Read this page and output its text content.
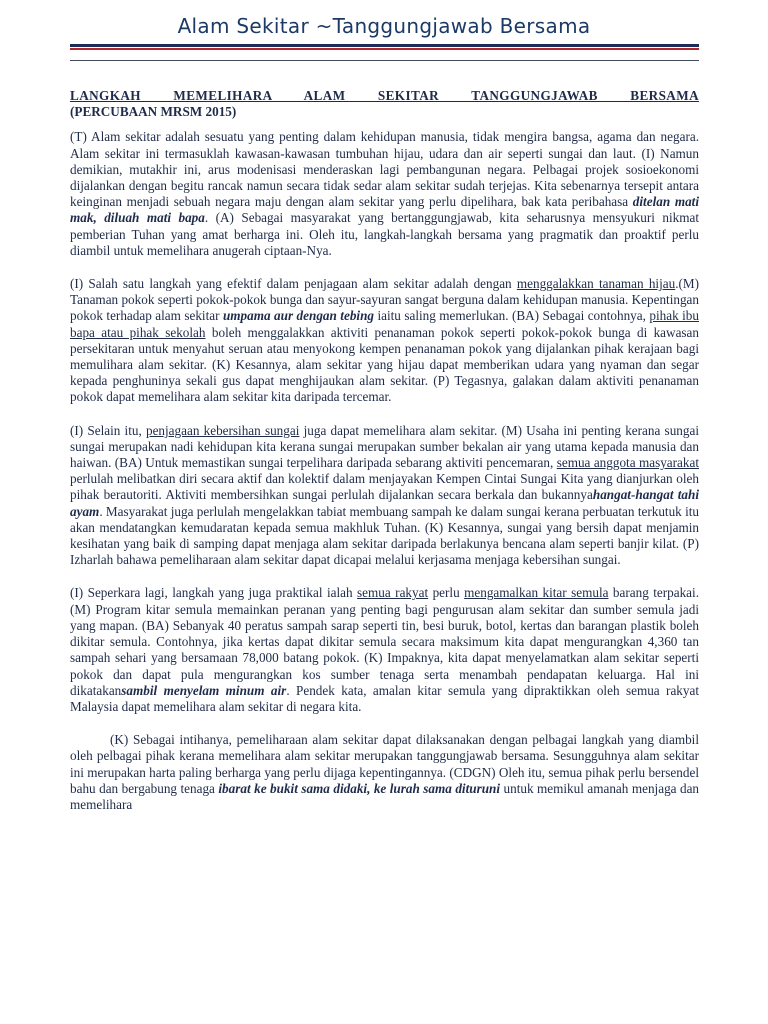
Alam Sekitar ~Tanggungjawab Bersama
LANGKAH MEMELIHARA ALAM SEKITAR TANGGUNGJAWAB BERSAMA
(PERCUBAAN MRSM 2015)

(T) Alam sekitar adalah sesuatu yang penting dalam kehidupan manusia, tidak mengira bangsa, agama dan negara. Alam sekitar ini termasuklah kawasan-kawasan tumbuhan hijau, udara dan air seperti sungai dan laut. (I) Namun demikian, mutakhir ini, arus modenisasi menderaskan lagi pembangunan negara. Pelbagai projek sosioekonomi dijalankan dengan begitu rancak namun secara tidak sedar alam sekitar sudah terjejas. Kita sebenarnya tersepit antara keinginan menjadi sebuah negara maju dengan alam sekitar yang perlu dipelihara, bak kata peribahasa ditelan mati mak, diluah mati bapa. (A) Sebagai masyarakat yang bertanggungjawab, kita seharusnya mensyukuri nikmat pemberian Tuhan yang amat berharga ini. Oleh itu, langkah-langkah bersama yang pragmatik dan proaktif perlu diambil untuk memelihara anugerah ciptaan-Nya.

(I) Salah satu langkah yang efektif dalam penjagaan alam sekitar adalah dengan menggalakkan tanaman hijau.(M) Tanaman pokok seperti pokok-pokok bunga dan sayur-sayuran sangat berguna dalam kehidupan manusia. Kepentingan pokok terhadap alam sekitar umpama aur dengan tebing iaitu saling memerlukan. (BA) Sebagai contohnya, pihak ibu bapa atau pihak sekolah boleh menggalakkan aktiviti penanaman pokok seperti pokok-pokok bunga di kawasan persekitaran untuk menyahut seruan atau menyokong kempen penanaman pokok yang dijalankan pihak kerajaan bagi memulihara alam sekitar. (K) Kesannya, alam sekitar yang hijau dapat memberikan udara yang nyaman dan segar kepada penghuninya sekali gus dapat menghijaukan alam sekitar. (P) Tegasnya, galakan dalam aktiviti penanaman pokok dapat memelihara alam sekitar kita daripada tercemar.

(I) Selain itu, penjagaan kebersihan sungai juga dapat memelihara alam sekitar. (M) Usaha ini penting kerana sungai sungai merupakan nadi kehidupan kita kerana sungai merupakan sumber bekalan air yang utama kepada manusia dan haiwan. (BA) Untuk memastikan sungai terpelihara daripada sebarang aktiviti pencemaran, semua anggota masyarakat perlulah melibatkan diri secara aktif dan kolektif dalam menjayakan Kempen Cintai Sungai Kita yang dianjurkan oleh pihak berautoriti. Aktiviti membersihkan sungai perlulah dijalankan secara berkala dan bukannyahangat-hangat tahi ayam. Masyarakat juga perlulah mengelakkan tabiat membuang sampah ke dalam sungai kerana perbuatan terkutuk itu akan mendatangkan kemudaratan kepada semua makhluk Tuhan. (K) Kesannya, sungai yang bersih dapat menjamin kesihatan yang baik di samping dapat menjaga alam sekitar daripada berlakunya bencana alam seperti banjir kilat. (P) Izharlah bahawa pemeliharaan alam sekitar dapat dicapai melalui kerjasama menjaga kebersihan sungai.

(I) Seperkara lagi, langkah yang juga praktikal ialah semua rakyat perlu mengamalkan kitar semula barang terpakai. (M) Program kitar semula memainkan peranan yang penting bagi pengurusan alam sekitar dan sumber semula jadi yang mapan. (BA) Sebanyak 40 peratus sampah sarap seperti tin, besi buruk, botol, kertas dan barangan plastik boleh dikitar semula. Contohnya, jika kertas dapat dikitar semula secara maksimum kita dapat mengurangkan 4,360 tan sampah sehari yang bersamaan 78,000 batang pokok. (K) Impaknya, kita dapat menyelamatkan alam sekitar seperti pokok dan dapat pula mengurangkan kos sumber tenaga serta menambah pendapatan keluarga. Hal ini dikatakansambil menyelam minum air. Pendek kata, amalan kitar semula yang dipraktikkan oleh semua rakyat Malaysia dapat memelihara alam sekitar di negara kita.

(K) Sebagai intihanya, pemeliharaan alam sekitar dapat dilaksanakan dengan pelbagai langkah yang diambil oleh pelbagai pihak kerana memelihara alam sekitar merupakan tanggungjawab bersama. Sesungguhnya alam sekitar ini merupakan harta paling berharga yang perlu dijaga kepentingannya. (CDGN) Oleh itu, semua pihak perlu bersendel bahu dan bergabung tenaga ibarat ke bukit sama didaki, ke lurah sama dituruni untuk memikul amanah menjaga dan memelihara
